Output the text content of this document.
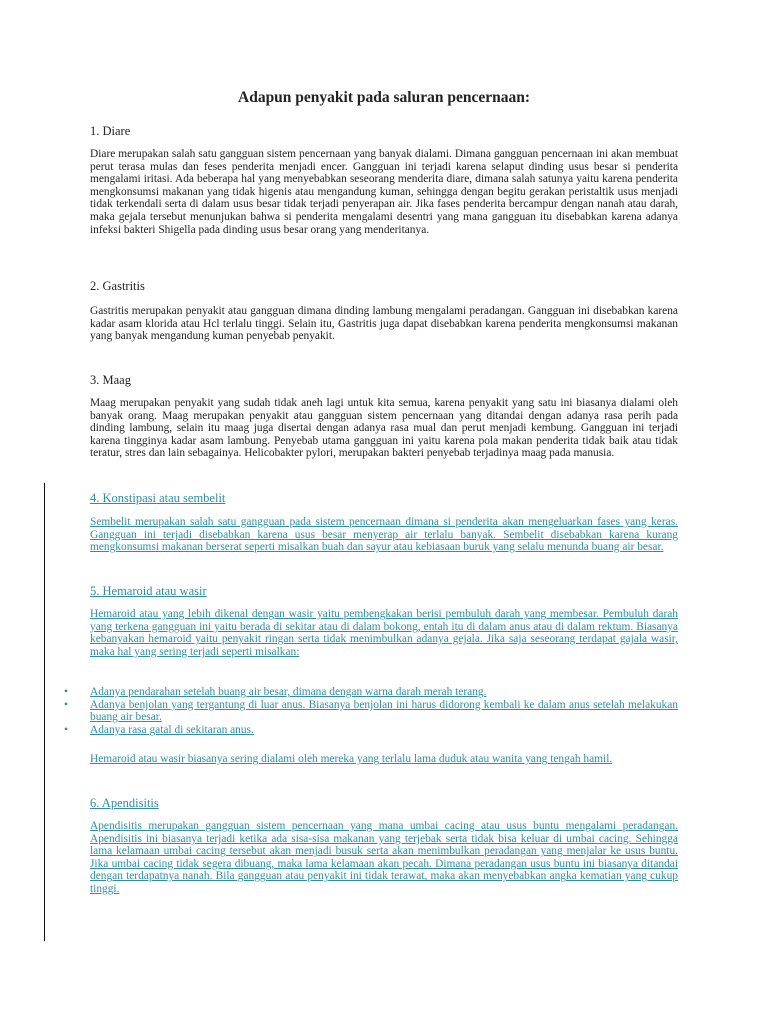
Adapun penyakit pada saluran pencernaan:
1. Diare
Diare merupakan salah satu gangguan sistem pencernaan yang banyak dialami. Dimana gangguan pencernaan ini akan membuat perut terasa mulas dan feses penderita menjadi encer. Gangguan ini terjadi karena selaput dinding usus besar si penderita mengalami iritasi. Ada beberapa hal yang menyebabkan seseorang menderita diare, dimana salah satunya yaitu karena penderita mengkonsumsi makanan yang tidak higenis atau mengandung kuman, sehingga dengan begitu gerakan peristaltik usus menjadi tidak terkendali serta di dalam usus besar tidak terjadi penyerapan air. Jika fases penderita bercampur dengan nanah atau darah, maka gejala tersebut menunjukan bahwa si penderita mengalami desentri yang mana gangguan itu disebabkan karena adanya infeksi bakteri Shigella pada dinding usus besar orang yang menderitanya.
2. Gastritis
Gastritis merupakan penyakit atau gangguan dimana dinding lambung mengalami peradangan. Gangguan ini disebabkan karena kadar asam klorida atau Hcl terlalu tinggi. Selain itu, Gastritis juga dapat disebabkan karena penderita mengkonsumsi makanan yang banyak mengandung kuman penyebab penyakit.
3. Maag
Maag merupakan penyakit yang sudah tidak aneh lagi untuk kita semua, karena penyakit yang satu ini biasanya dialami oleh banyak orang. Maag merupakan penyakit atau gangguan sistem pencernaan yang ditandai dengan adanya rasa perih pada dinding lambung, selain itu maag juga disertai dengan adanya rasa mual dan perut menjadi kembung. Gangguan ini terjadi karena tingginya kadar asam lambung. Penyebab utama gangguan ini yaitu karena pola makan penderita tidak baik atau tidak teratur, stres dan lain sebagainya. Helicobakter pylori, merupakan bakteri penyebab terjadinya maag pada manusia.
4. Konstipasi atau sembelit
Sembelit merupakan salah satu gangguan pada sistem pencernaan dimana si penderita akan mengeluarkan fases yang keras. Gangguan ini terjadi disebabkan karena usus besar menyerap air terlalu banyak. Sembelit disebabkan karena kurang mengkonsumsi makanan berserat seperti misalkan buah dan sayur atau kebiasaan buruk yang selalu menunda buang air besar.
5. Hemaroid atau wasir
Hemaroid atau yang lebih dikenal dengan wasir yaitu pembengkakan berisi pembuluh darah yang membesar. Pembuluh darah yang terkena gangguan ini yaitu berada di sekitar atau di dalam bokong, entah itu di dalam anus atau di dalam rektum. Biasanya kebanyakan hemaroid yaitu penyakit ringan serta tidak menimbulkan adanya gejala. Jika saja seseorang terdapat gajala wasir, maka hal yang sering terjadi seperti misalkan:
• Adanya pendarahan setelah buang air besar, dimana dengan warna darah merah terang.
• Adanya benjolan yang tergantung di luar anus. Biasanya benjolan ini harus didorong kembali ke dalam anus setelah melakukan buang air besar.
• Adanya rasa gatal di sekitaran anus.
Hemaroid atau wasir biasanya sering dialami oleh mereka yang terlalu lama duduk atau wanita yang tengah hamil.
6. Apendisitis
Apendisitis merupakan gangguan sistem pencernaan yang mana umbai cacing atau usus buntu mengalami peradangan. Apendisitis ini biasanya terjadi ketika ada sisa-sisa makanan yang terjebak serta tidak bisa keluar di umbai cacing. Sehingga lama kelamaan umbai cacing tersebut akan menjadi busuk serta akan menimbulkan peradangan yang menjalar ke usus buntu. Jika umbai cacing tidak segera dibuang, maka lama kelamaan akan pecah. Dimana peradangan usus buntu ini biasanya ditandai dengan terdapatnya nanah. Bila gangguan atau penyakit ini tidak terawat, maka akan menyebabkan angka kematian yang cukup tinggi.
